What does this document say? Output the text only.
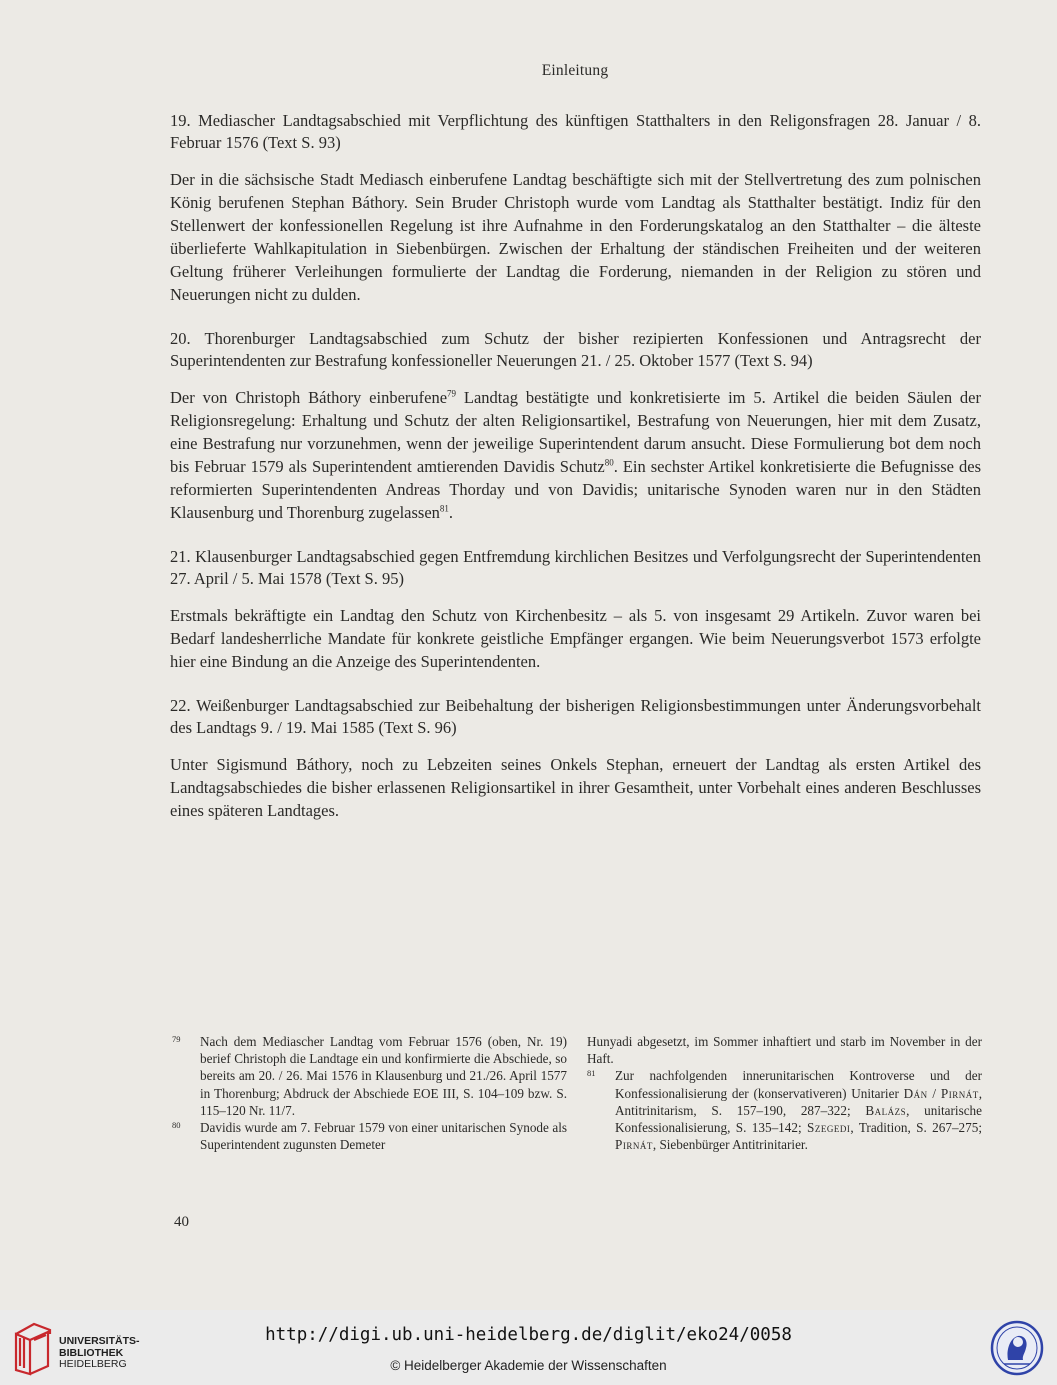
Einleitung

19. Mediascher Landtagsabschied mit Verpflichtung des künftigen Statthalters in den Religonsfragen 28. Januar / 8. Februar 1576 (Text S. 93)

Der in die sächsische Stadt Mediasch einberufene Landtag beschäftigte sich mit der Stellvertretung des zum polnischen König berufenen Stephan Báthory. Sein Bruder Christoph wurde vom Landtag als Statthalter bestätigt. Indiz für den Stellenwert der konfessionellen Regelung ist ihre Aufnahme in den Forderungskatalog an den Statthalter – die älteste überlieferte Wahlkapitulation in Siebenbürgen. Zwischen der Erhaltung der ständischen Freiheiten und der weiteren Geltung früherer Verleihungen formulierte der Landtag die Forderung, niemanden in der Religion zu stören und Neuerungen nicht zu dulden.

20. Thorenburger Landtagsabschied zum Schutz der bisher rezipierten Konfessionen und Antragsrecht der Superintendenten zur Bestrafung konfessioneller Neuerungen 21. / 25. Oktober 1577 (Text S. 94)

Der von Christoph Báthory einberufene$^{79}$ Landtag bestätigte und konkretisierte im 5. Artikel die beiden Säulen der Religionsregelung: Erhaltung und Schutz der alten Religionsartikel, Bestrafung von Neuerungen, hier mit dem Zusatz, eine Bestrafung nur vorzunehmen, wenn der jeweilige Superintendent darum ansucht. Diese Formulierung bot dem noch bis Februar 1579 als Superintendent amtierenden Davidis Schutz$^{80}$. Ein sechster Artikel konkretisierte die Befugnisse des reformierten Superintendenten Andreas Thorday und von Davidis; unitarische Synoden waren nur in den Städten Klausenburg und Thorenburg zugelassen$^{81}$.

21. Klausenburger Landtagsabschied gegen Entfremdung kirchlichen Besitzes und Verfolgungsrecht der Superintendenten 27. April / 5. Mai 1578 (Text S. 95)

Erstmals bekräftigte ein Landtag den Schutz von Kirchenbesitz – als 5. von insgesamt 29 Artikeln. Zuvor waren bei Bedarf landesherrliche Mandate für konkrete geistliche Empfänger ergangen. Wie beim Neuerungsverbot 1573 erfolgte hier eine Bindung an die Anzeige des Superintendenten.

22. Weißenburger Landtagsabschied zur Beibehaltung der bisherigen Religionsbestimmungen unter Änderungsvorbehalt des Landtags 9. / 19. Mai 1585 (Text S. 96)

Unter Sigismund Báthory, noch zu Lebzeiten seines Onkels Stephan, erneuert der Landtag als ersten Artikel des Landtagsabschiedes die bisher erlassenen Religionsartikel in ihrer Gesamtheit, unter Vorbehalt eines anderen Beschlusses eines späteren Landtages.

79	Nach dem Mediascher Landtag vom Februar 1576 (oben, Nr. 19) berief Christoph die Landtage ein und konfirmierte die Abschiede, so bereits am 20. / 26. Mai 1576 in Klausenburg und 21./26. April 1577 in Thorenburg; Abdruck der Abschiede EOE III, S. 104–109 bzw. S. 115–120 Nr. 11/7.
80	Davidis wurde am 7. Februar 1579 von einer unitarischen Synode als Superintendent zugunsten Demeter
Hunyadi abgesetzt, im Sommer inhaftiert und starb im November in der Haft.
81	Zur nachfolgenden innerunitarischen Kontroverse und der Konfessionalisierung der (konservativeren) Unitarier Dán / Pirnát, Antitrinitarism, S. 157–190, 287–322; Balázs, unitarische Konfessionalisierung, S. 135–142; Szegedi, Tradition, S. 267–275; Pirnát, Siebenbürger Antitrinitarier.
40
UNIVERSITÄTS-
BIBLIOTHEK
HEIDELBERG
http://digi.ub.uni-heidelberg.de/diglit/eko24/0058
© Heidelberger Akademie der Wissenschaften
